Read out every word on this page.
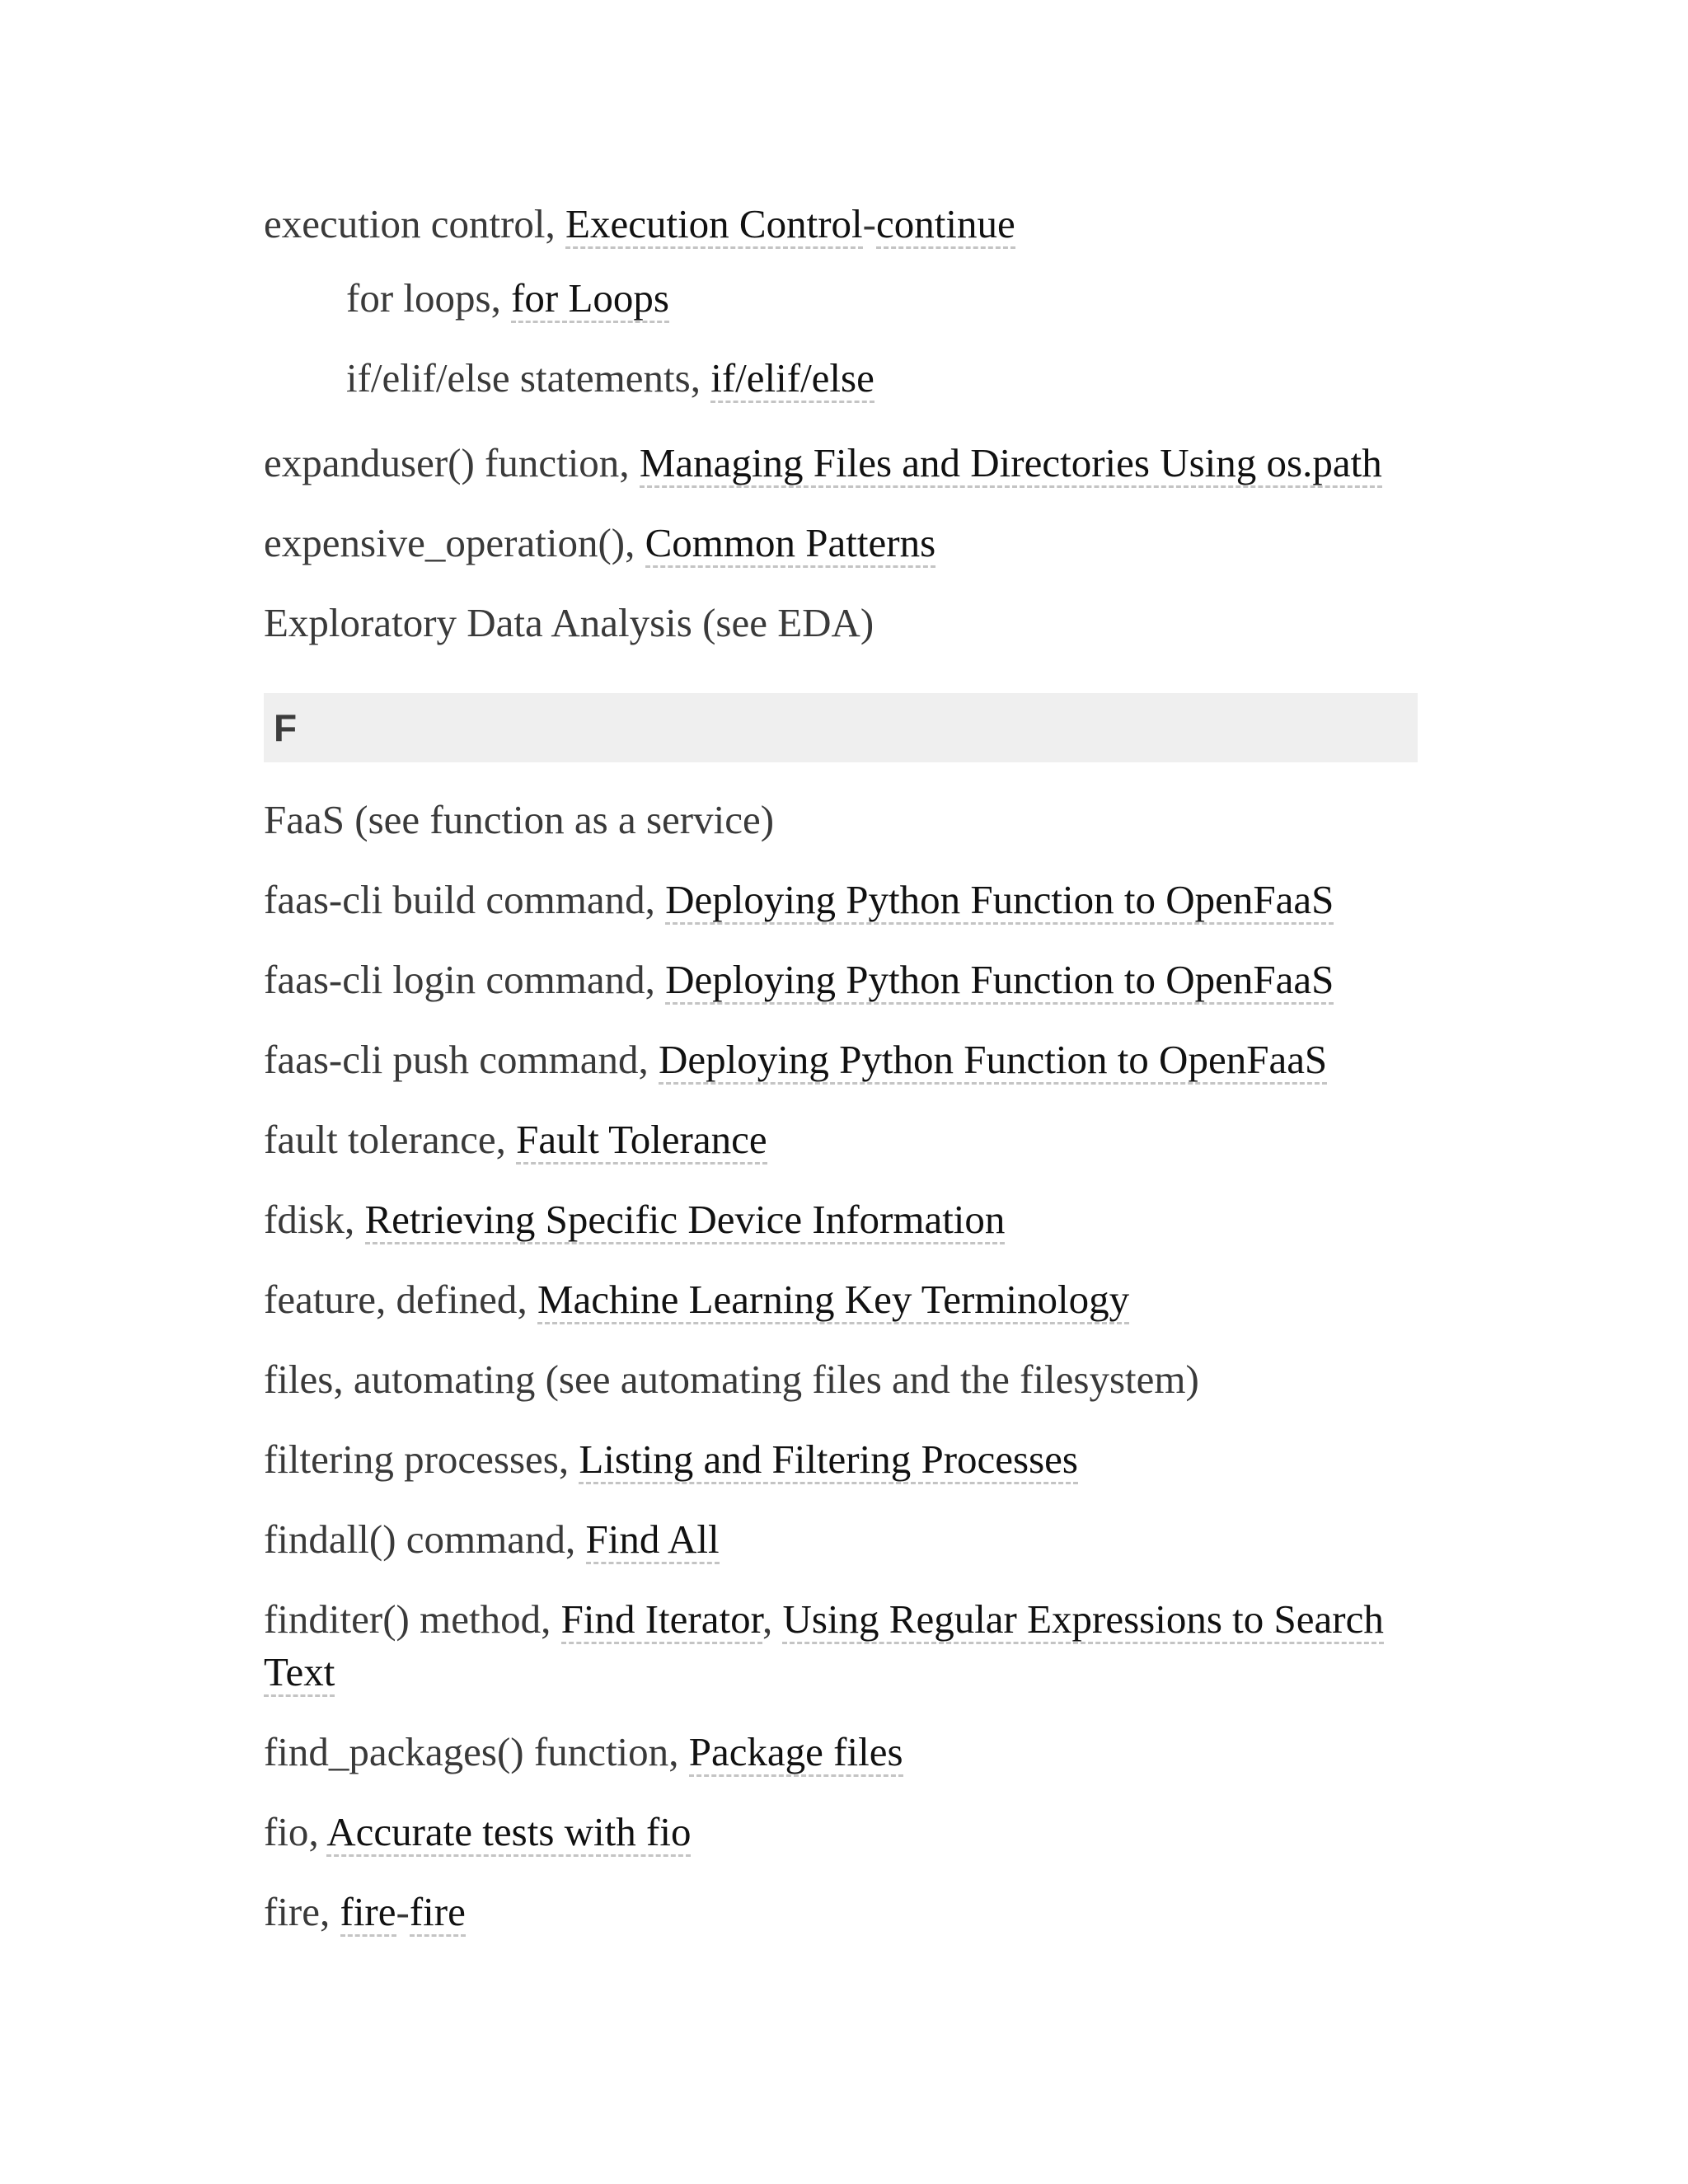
execution control, Execution Control-continue
for loops, for Loops
if/elif/else statements, if/elif/else
expanduser() function, Managing Files and Directories Using os.path
expensive_operation(), Common Patterns
Exploratory Data Analysis (see EDA)
F
FaaS (see function as a service)
faas-cli build command, Deploying Python Function to OpenFaaS
faas-cli login command, Deploying Python Function to OpenFaaS
faas-cli push command, Deploying Python Function to OpenFaaS
fault tolerance, Fault Tolerance
fdisk, Retrieving Specific Device Information
feature, defined, Machine Learning Key Terminology
files, automating (see automating files and the filesystem)
filtering processes, Listing and Filtering Processes
findall() command, Find All
finditer() method, Find Iterator, Using Regular Expressions to Search Text
find_packages() function, Package files
fio, Accurate tests with fio
fire, fire-fire
